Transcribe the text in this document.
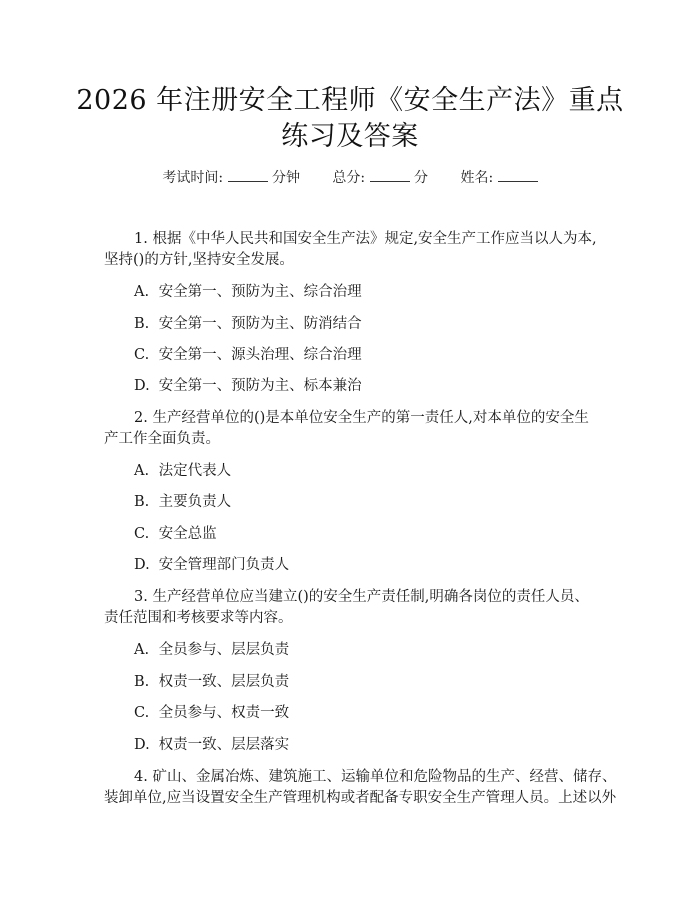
2026 年注册安全工程师《安全生产法》重点
练习及答案
考试时间:	分钟 总分:	分 姓名:
1. 根据《中华人民共和国安全生产法》规定,安全生产工作应当以人为本,
坚持()的方针,坚持安全发展。
A. 安全第一、预防为主、综合治理
B. 安全第一、预防为主、防消结合
C. 安全第一、源头治理、综合治理
D. 安全第一、预防为主、标本兼治
2. 生产经营单位的()是本单位安全生产的第一责任人,对本单位的安全生
产工作全面负责。
A. 法定代表人
B. 主要负责人
C. 安全总监
D. 安全管理部门负责人
3. 生产经营单位应当建立()的安全生产责任制,明确各岗位的责任人员、
责任范围和考核要求等内容。
A. 全员参与、层层负责
B. 权责一致、层层负责
C. 全员参与、权责一致
D. 权责一致、层层落实
4. 矿山、金属冶炼、建筑施工、运输单位和危险物品的生产、经营、储存、
装卸单位,应当设置安全生产管理机构或者配备专职安全生产管理人员。上述以外
